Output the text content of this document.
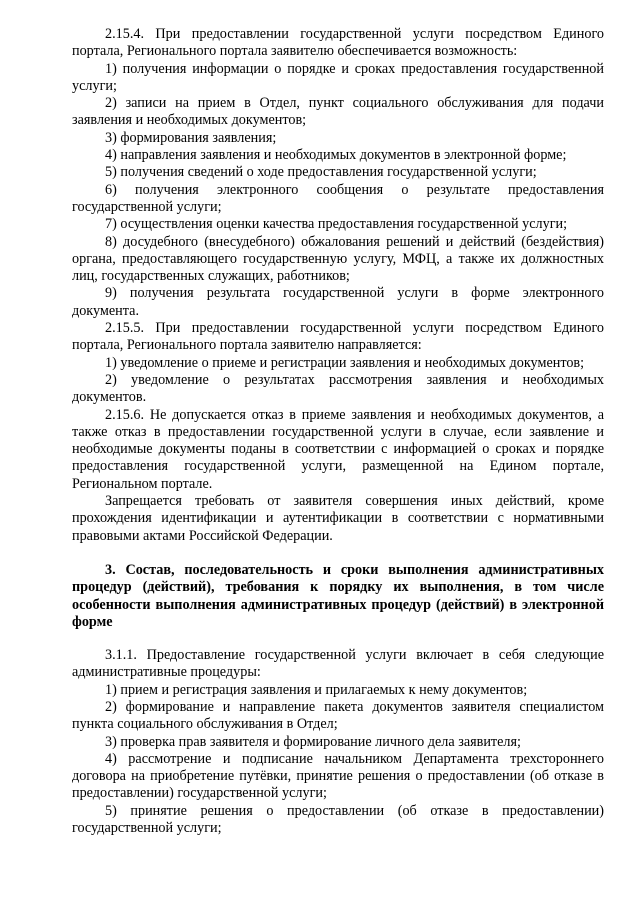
2.15.4. При предоставлении государственной услуги посредством Единого портала, Регионального портала заявителю обеспечивается возможность:

1) получения информации о порядке и сроках предоставления государственной услуги;

2) записи на прием в Отдел, пункт социального обслуживания для подачи заявления и необходимых документов;

3) формирования заявления;

4) направления заявления и необходимых документов в электронной форме;

5) получения сведений о ходе предоставления государственной услуги;

6) получения электронного сообщения о результате предоставления государственной услуги;

7) осуществления оценки качества предоставления государственной услуги;

8) досудебного (внесудебного) обжалования решений и действий (бездействия) органа, предоставляющего государственную услугу, МФЦ, а также их должностных лиц, государственных служащих, работников;

9) получения результата государственной услуги в форме электронного документа.

2.15.5. При предоставлении государственной услуги посредством Единого портала, Регионального портала заявителю направляется:

1) уведомление о приеме и регистрации заявления и необходимых документов;

2) уведомление о результатах рассмотрения заявления и необходимых документов.

2.15.6. Не допускается отказ в приеме заявления и необходимых документов, а также отказ в предоставлении государственной услуги в случае, если заявление и необходимые документы поданы в соответствии с информацией о сроках и порядке предоставления государственной услуги, размещенной на Едином портале, Региональном портале.

Запрещается требовать от заявителя совершения иных действий, кроме прохождения идентификации и аутентификации в соответствии с нормативными правовыми актами Российской Федерации.

3. Состав, последовательность и сроки выполнения административных процедур (действий), требования к порядку их выполнения, в том числе особенности выполнения административных процедур (действий) в электронной форме

3.1.1. Предоставление государственной услуги включает в себя следующие административные процедуры:

1) прием и регистрация заявления и прилагаемых к нему документов;

2) формирование и направление пакета документов заявителя специалистом пункта социального обслуживания в Отдел;

3) проверка прав заявителя и формирование личного дела заявителя;

4) рассмотрение и подписание начальником Департамента трехстороннего договора на приобретение путёвки, принятие решения о предоставлении (об отказе в предоставлении) государственной услуги;

5) принятие решения о предоставлении (об отказе в предоставлении) государственной услуги;
